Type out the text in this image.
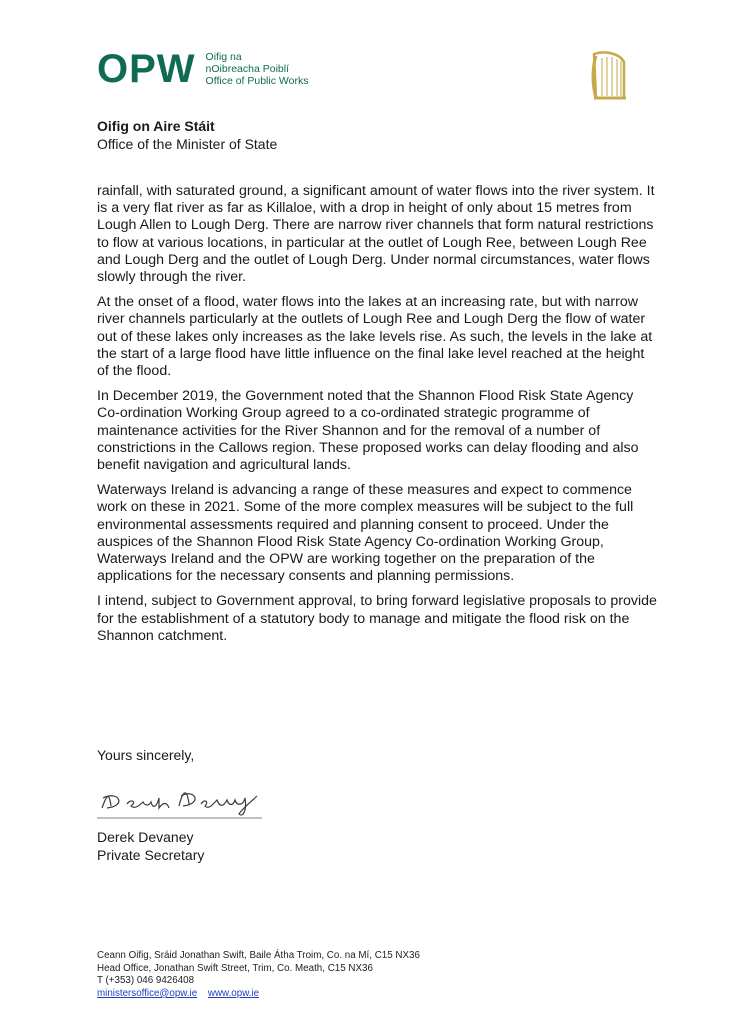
OPW Oifig na
nOibreacha Poiblí
Office of Public Works
Oifig on Aire Stáit
Office of the Minister of State

rainfall, with saturated ground, a significant amount of water flows into the river system. It is a very flat river as far as Killaloe, with a drop in height of only about 15 metres from Lough Allen to Lough Derg. There are narrow river channels that form natural restrictions to flow at various locations, in particular at the outlet of Lough Ree, between Lough Ree and Lough Derg and the outlet of Lough Derg. Under normal circumstances, water flows slowly through the river.

At the onset of a flood, water flows into the lakes at an increasing rate, but with narrow river channels particularly at the outlets of Lough Ree and Lough Derg the flow of water out of these lakes only increases as the lake levels rise. As such, the levels in the lake at the start of a large flood have little influence on the final lake level reached at the height of the flood.

In December 2019, the Government noted that the Shannon Flood Risk State Agency Co-ordination Working Group agreed to a co-ordinated strategic programme of maintenance activities for the River Shannon and for the removal of a number of constrictions in the Callows region. These proposed works can delay flooding and also benefit navigation and agricultural lands.

Waterways Ireland is advancing a range of these measures and expect to commence work on these in 2021. Some of the more complex measures will be subject to the full environmental assessments required and planning consent to proceed. Under the auspices of the Shannon Flood Risk State Agency Co-ordination Working Group, Waterways Ireland and the OPW are working together on the preparation of the applications for the necessary consents and planning permissions.

I intend, subject to Government approval, to bring forward legislative proposals to provide for the establishment of a statutory body to manage and mitigate the flood risk on the Shannon catchment.

Yours sincerely,
Derek Devaney
Private Secretary
Ceann Oifig, Sráid Jonathan Swift, Baile Átha Troim, Co. na Mí, C15 NX36
Head Office, Jonathan Swift Street, Trim, Co. Meath, C15 NX36
T (+353) 046 9426408
ministersoffice@opw.ie www.opw.ie
